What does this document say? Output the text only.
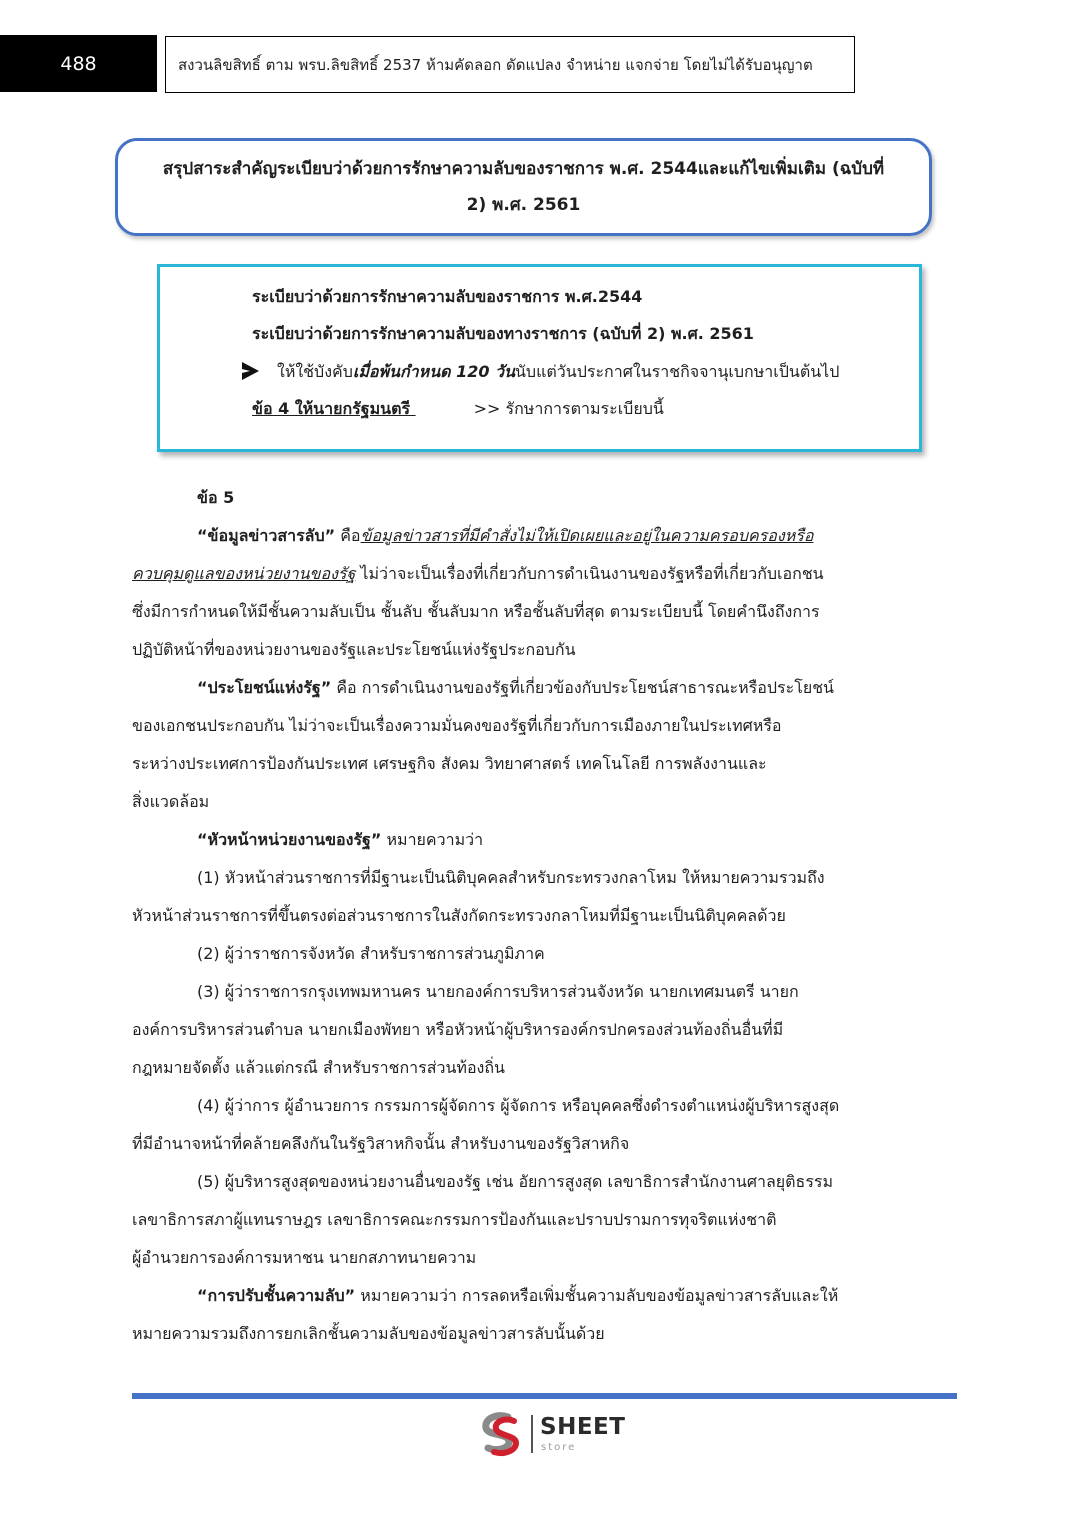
488	สงวนลิขสิทธิ์ ตาม พรบ.ลิขสิทธิ์ 2537 ห้ามคัดลอก ดัดแปลง จำหน่าย แจกจ่าย โดยไม่ได้รับอนุญาต
สรุปสาระสำคัญระเบียบว่าด้วยการรักษาความลับของราชการ พ.ศ. 2544และแก้ไขเพิ่มเติม (ฉบับที่
2) พ.ศ. 2561
ระเบียบว่าด้วยการรักษาความลับของราชการ พ.ศ.2544
ระเบียบว่าด้วยการรักษาความลับของทางราชการ (ฉบับที่ 2) พ.ศ. 2561
ให้ใช้บังคับเมื่อพ้นกำหนด 120 วันนับแต่วันประกาศในราชกิจจานุเบกษาเป็นต้นไป
ข้อ 4 ให้นายกรัฐมนตรี	>> รักษาการตามระเบียบนี้
ข้อ 5
“ข้อมูลข่าวสารลับ” คือข้อมูลข่าวสารที่มีคำสั่งไม่ให้เปิดเผยและอยู่ในความครอบครองหรือ
ควบคุมดูแลของหน่วยงานของรัฐ ไม่ว่าจะเป็นเรื่องที่เกี่ยวกับการดำเนินงานของรัฐหรือที่เกี่ยวกับเอกชน
ซึ่งมีการกำหนดให้มีชั้นความลับเป็น ชั้นลับ ชั้นลับมาก หรือชั้นลับที่สุด ตามระเบียบนี้ โดยคำนึงถึงการ
ปฏิบัติหน้าที่ของหน่วยงานของรัฐและประโยชน์แห่งรัฐประกอบกัน
“ประโยชน์แห่งรัฐ” คือ การดำเนินงานของรัฐที่เกี่ยวข้องกับประโยชน์สาธารณะหรือประโยชน์
ของเอกชนประกอบกัน ไม่ว่าจะเป็นเรื่องความมั่นคงของรัฐที่เกี่ยวกับการเมืองภายในประเทศหรือ
ระหว่างประเทศการป้องกันประเทศ เศรษฐกิจ สังคม วิทยาศาสตร์ เทคโนโลยี การพลังงานและ
สิ่งแวดล้อม
“หัวหน้าหน่วยงานของรัฐ” หมายความว่า
(1) หัวหน้าส่วนราชการที่มีฐานะเป็นนิติบุคคลสำหรับกระทรวงกลาโหม ให้หมายความรวมถึง
หัวหน้าส่วนราชการที่ขึ้นตรงต่อส่วนราชการในสังกัดกระทรวงกลาโหมที่มีฐานะเป็นนิติบุคคลด้วย
(2) ผู้ว่าราชการจังหวัด สำหรับราชการส่วนภูมิภาค
(3) ผู้ว่าราชการกรุงเทพมหานคร นายกองค์การบริหารส่วนจังหวัด นายกเทศมนตรี นายก
องค์การบริหารส่วนตำบล นายกเมืองพัทยา หรือหัวหน้าผู้บริหารองค์กรปกครองส่วนท้องถิ่นอื่นที่มี
กฎหมายจัดตั้ง แล้วแต่กรณี สำหรับราชการส่วนท้องถิ่น
(4) ผู้ว่าการ ผู้อำนวยการ กรรมการผู้จัดการ ผู้จัดการ หรือบุคคลซึ่งดำรงตำแหน่งผู้บริหารสูงสุด
ที่มีอำนาจหน้าที่คล้ายคลึงกันในรัฐวิสาหกิจนั้น สำหรับงานของรัฐวิสาหกิจ
(5) ผู้บริหารสูงสุดของหน่วยงานอื่นของรัฐ เช่น อัยการสูงสุด เลขาธิการสำนักงานศาลยุติธรรม
เลขาธิการสภาผู้แทนราษฎร เลขาธิการคณะกรรมการป้องกันและปราบปรามการทุจริตแห่งชาติ
ผู้อำนวยการองค์การมหาชน นายกสภาทนายความ
“การปรับชั้นความลับ” หมายความว่า การลดหรือเพิ่มชั้นความลับของข้อมูลข่าวสารลับและให้
หมายความรวมถึงการยกเลิกชั้นความลับของข้อมูลข่าวสารลับนั้นด้วย
SHEET
store
